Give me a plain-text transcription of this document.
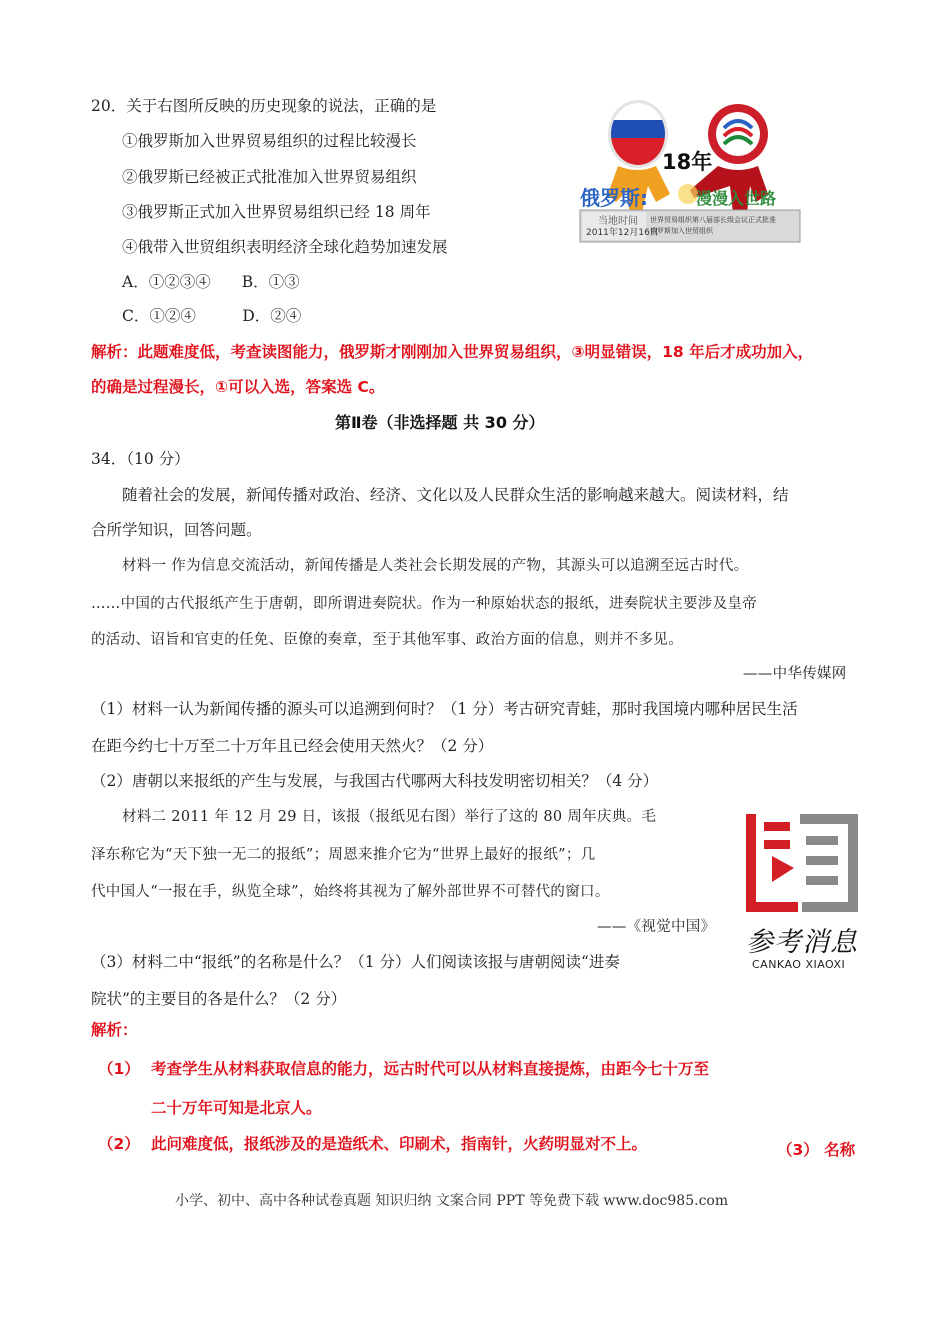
20．关于右图所反映的历史现象的说法，正确的是
①俄罗斯加入世界贸易组织的过程比较漫长
②俄罗斯已经被正式批准加入世界贸易组织
③俄罗斯正式加入世界贸易组织已经 18 周年
④俄带入世贸组织表明经济全球化趋势加速发展
A．①②③④　　B．①③
C．①②④　　　D．②④
解析：此题难度低，考查读图能力，俄罗斯才刚刚加入世界贸易组织，③明显错误，18 年后才成功加入，
的确是过程漫长，①可以入选，答案选 C。
18年
俄罗斯:	漫漫入世路
当地时间
2011年12月16日
世界贸易组织第八届部长级会议正式批准
俄罗斯加入世贸组织
第Ⅱ卷（非选择题 共 30 分）
34．（10 分）
随着社会的发展，新闻传播对政治、经济、文化以及人民群众生活的影响越来越大。阅读材料，结
合所学知识，回答问题。
材料一 作为信息交流活动，新闻传播是人类社会长期发展的产物，其源头可以追溯至远古时代。
……中国的古代报纸产生于唐朝，即所谓进奏院状。作为一种原始状态的报纸，进奏院状主要涉及皇帝
的活动、诏旨和官吏的任免、臣僚的奏章，至于其他军事、政治方面的信息，则并不多见。
——中华传媒网
（1）材料一认为新闻传播的源头可以追溯到何时？（1 分）考古研究青蛙，那时我国境内哪种居民生活
在距今约七十万至二十万年且已经会使用天然火？（2 分）
（2）唐朝以来报纸的产生与发展，与我国古代哪两大科技发明密切相关？（4 分）
材料二 2011 年 12 月 29 日，该报（报纸见右图）举行了这的 80 周年庆典。毛
泽东称它为“天下独一无二的报纸”；周恩来推介它为“世界上最好的报纸”；几
代中国人“一报在手，纵览全球”，始终将其视为了解外部世界不可替代的窗口。
——《视觉中国》
（3）材料二中“报纸”的名称是什么？（1 分）人们阅读该报与唐朝阅读“进奏
院状”的主要目的各是什么？（2 分）
参考消息
CANKAO XIAOXI
解析：
（1） 考查学生从材料获取信息的能力，远古时代可以从材料直接提炼，由距今七十万至
二十万年可知是北京人。
（2） 此问难度低，报纸涉及的是造纸术、印刷术，指南针，火药明显对不上。	（3） 名称
小学、初中、高中各种试卷真题 知识归纳 文案合同 PPT 等免费下载 www.doc985.com
